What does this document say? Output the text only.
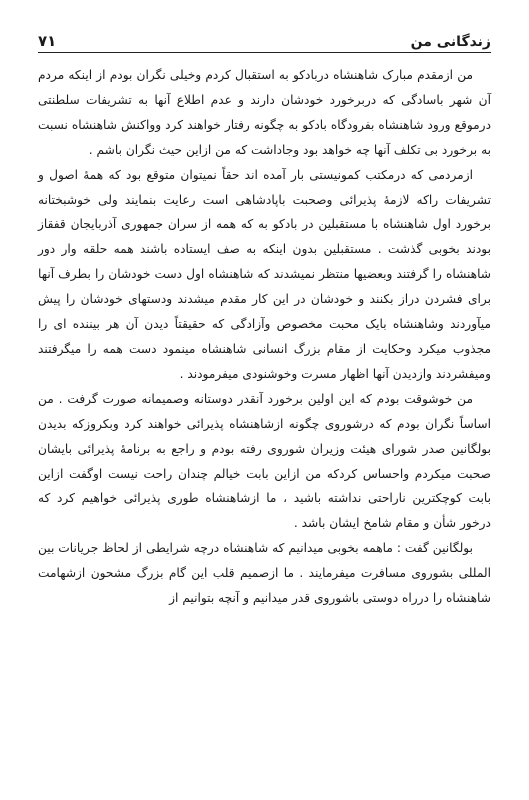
۷۱	زندگانی من

من ازمقدم مبارک شاهنشاه دربادکو به استقبال کردم وخیلی نگران بودم از اینکه مردم آن شهر باسادگی که دربرخورد خودشان دارند و عدم اطلاع آنها به تشریفات سلطنتی درموقع ورود شاهنشاه بفرودگاه بادکو به چگونه رفتار خواهند کرد وواکنش شاهنشاه نسبت به برخورد بی تکلف آنها چه خواهد بود وجاداشت که من ازاین حیث نگران باشم .

ازمردمی که درمکتب کمونیستی بار آمده اند حقاً نمیتوان متوقع بود که همهٔ اصول و تشریفات راکه لازمهٔ پذیرائی وصحبت باپادشاهی است رعایت بنمایند ولی خوشبختانه برخورد اول شاهنشاه با مستقبلین در بادکو به که همه از سران جمهوری آذربایجان قفقاز بودند بخوبی گذشت . مستقبلین بدون اینکه به صف ایستاده باشند همه حلقه وار دور شاهنشاه را گرفتند وبعضیها منتظر نمیشدند که شاهنشاه اول دست خودشان را بطرف آنها برای فشردن دراز بکنند و خودشان در این کار مقدم میشدند ودستهای خودشان را پیش میآوردند وشاهنشاه بایک محبت مخصوص وآزادگی که حقیقتاً دیدن آن هر بیننده ای را مجذوب میکرد وحکایت از مقام بزرگ انسانی شاهنشاه مینمود دست همه را میگرفتند ومیفشردند وازدیدن آنها اظهار مسرت وخوشنودی میفرمودند .

من خوشوقت بودم که این اولین برخورد آنقدر دوستانه وصمیمانه صورت گرفت . من اساساً نگران بودم که درشوروی چگونه ازشاهنشاه پذیرائی خواهند کرد وبکروزکه بدیدن بولگانین صدر شورای هیئت وزیران شوروی رفته بودم و راجع به برنامهٔ پذیرائی بایشان صحبت میکردم واحساس کردکه من ازاین بابت خیالم چندان راحت نیست اوگفت ازاین بابت کوچکترین ناراحتی نداشته باشید ، ما ازشاهنشاه طوری پذیرائی خواهیم کرد که درخور شأن و مقام شامخ ایشان باشد .

بولگانین گفت : ماهمه بخوبی میدانیم که شاهنشاه درچه شرایطی از لحاظ جریانات بین المللی بشوروی مسافرت میفرمایند . ما ازصمیم قلب این گام بزرگ مشحون ازشهامت شاهنشاه را درراه دوستی باشوروی قدر میدانیم و آنچه بتوانیم از
